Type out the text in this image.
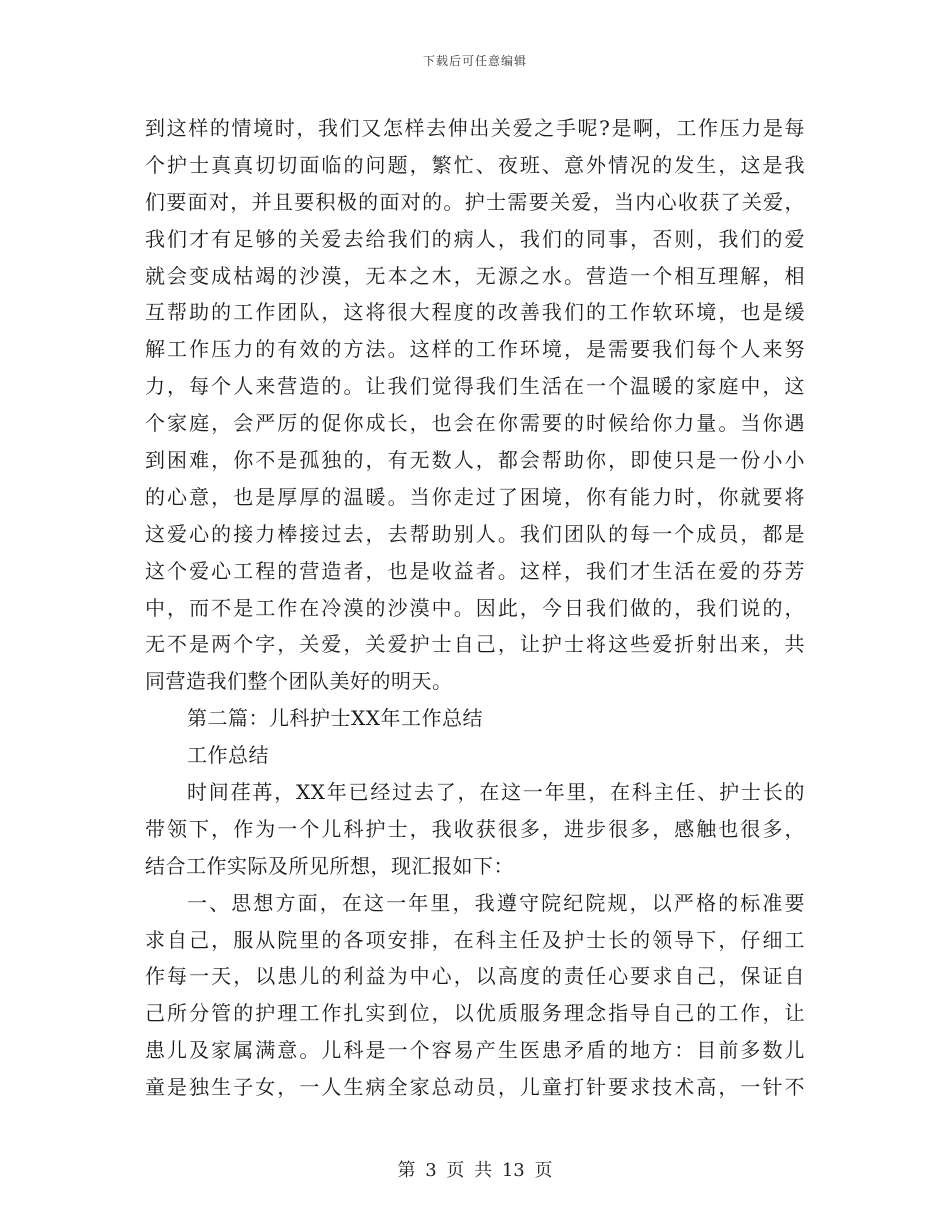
下载后可任意编辑
到这样的情境时，我们又怎样去伸出关爱之手呢?是啊，工作压力是每
个护士真真切切面临的问题，繁忙、夜班、意外情况的发生，这是我
们要面对，并且要积极的面对的。护士需要关爱，当内心收获了关爱，
我们才有足够的关爱去给我们的病人，我们的同事，否则，我们的爱
就会变成枯竭的沙漠，无本之木，无源之水。营造一个相互理解，相
互帮助的工作团队，这将很大程度的改善我们的工作软环境，也是缓
解工作压力的有效的方法。这样的工作环境，是需要我们每个人来努
力，每个人来营造的。让我们觉得我们生活在一个温暖的家庭中，这
个家庭，会严厉的促你成长，也会在你需要的时候给你力量。当你遇
到困难，你不是孤独的，有无数人，都会帮助你，即使只是一份小小
的心意，也是厚厚的温暖。当你走过了困境，你有能力时，你就要将
这爱心的接力棒接过去，去帮助别人。我们团队的每一个成员，都是
这个爱心工程的营造者，也是收益者。这样，我们才生活在爱的芬芳
中，而不是工作在冷漠的沙漠中。因此，今日我们做的，我们说的，
无不是两个字，关爱，关爱护士自己，让护士将这些爱折射出来，共
同营造我们整个团队美好的明天。
第二篇：儿科护士XX年工作总结
工作总结
时间荏苒，XX年已经过去了，在这一年里，在科主任、护士长的
带领下，作为一个儿科护士，我收获很多，进步很多，感触也很多，
结合工作实际及所见所想，现汇报如下：
一、思想方面，在这一年里，我遵守院纪院规，以严格的标准要
求自己，服从院里的各项安排，在科主任及护士长的领导下，仔细工
作每一天，以患儿的利益为中心，以高度的责任心要求自己，保证自
己所分管的护理工作扎实到位，以优质服务理念指导自己的工作，让
患儿及家属满意。儿科是一个容易产生医患矛盾的地方：目前多数儿
童是独生子女，一人生病全家总动员，儿童打针要求技术高，一针不
第 3 页 共 13 页
